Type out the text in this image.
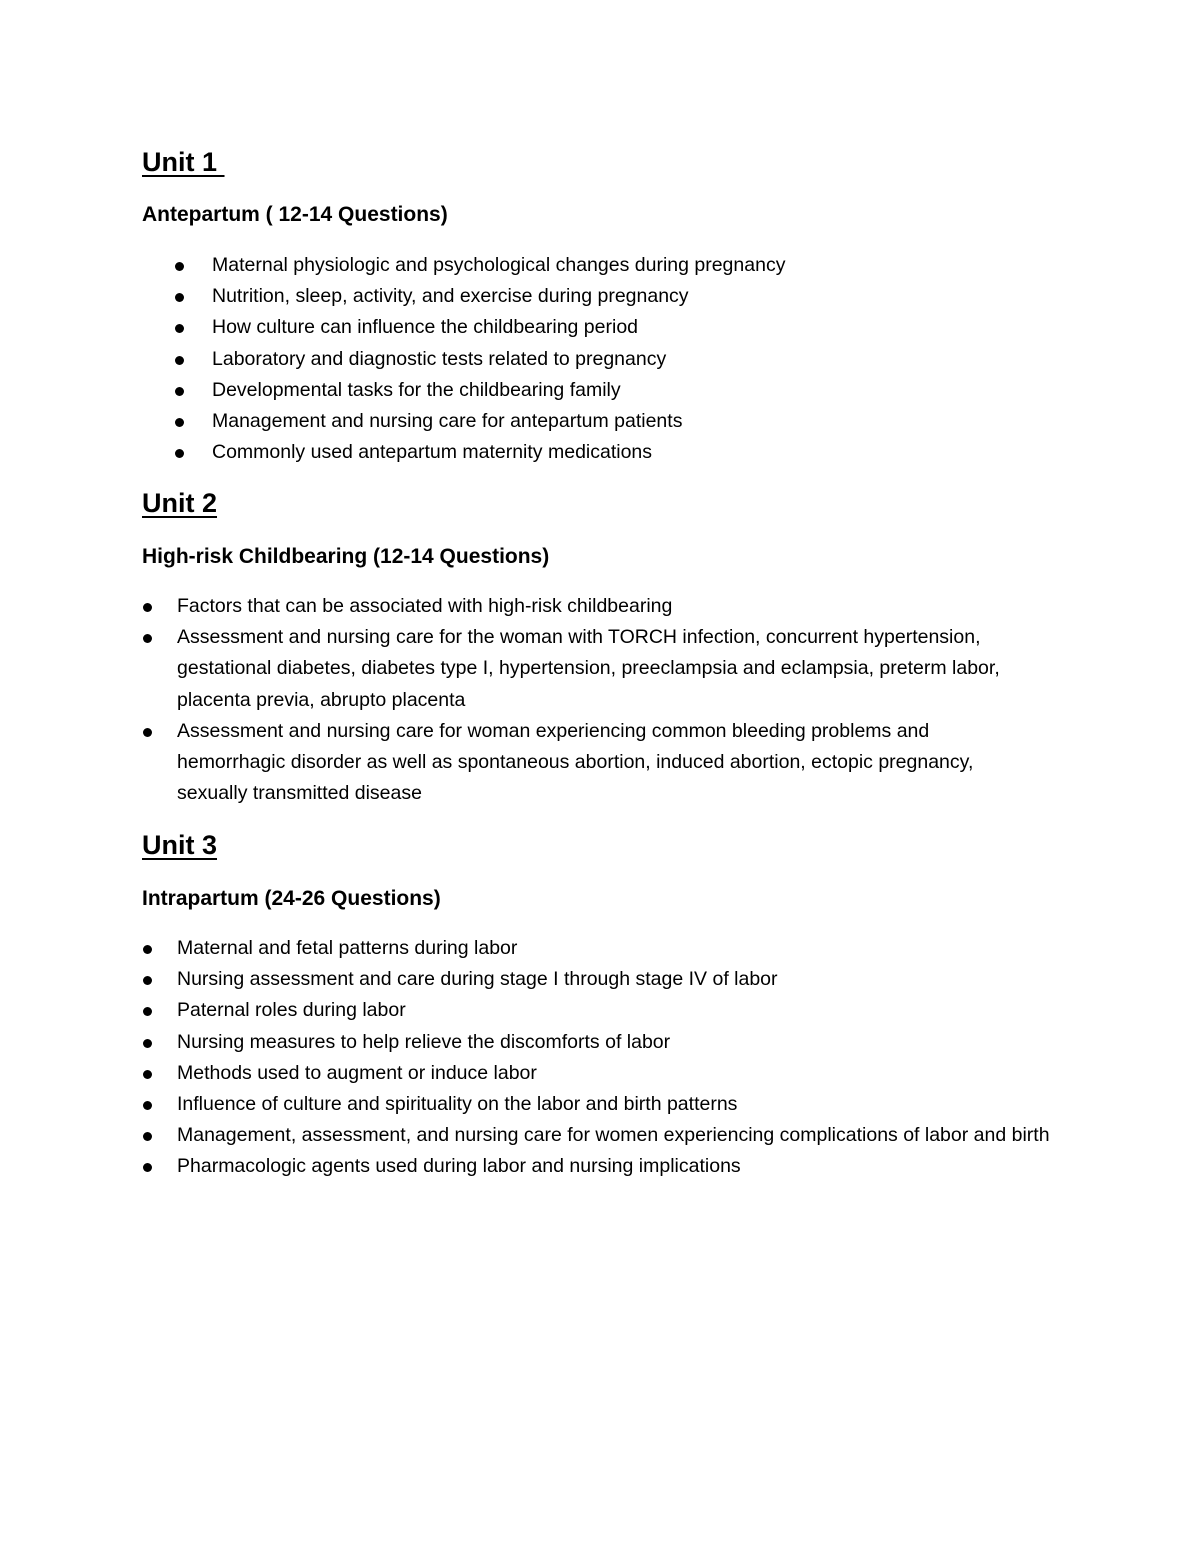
Unit 1
Antepartum ( 12-14 Questions)
Maternal physiologic and psychological changes during pregnancy
Nutrition, sleep, activity, and exercise during pregnancy
How culture can influence the childbearing period
Laboratory and diagnostic tests related to pregnancy
Developmental tasks for the childbearing family
Management and nursing care for antepartum patients
Commonly used antepartum maternity medications
Unit 2
High-risk Childbearing (12-14 Questions)
Factors that can be associated with high-risk childbearing
Assessment and nursing care for the woman with TORCH infection, concurrent hypertension, gestational diabetes, diabetes type I, hypertension, preeclampsia and eclampsia, preterm labor, placenta previa, abrupto placenta
Assessment and nursing care for woman experiencing common bleeding problems and hemorrhagic disorder as well as spontaneous abortion, induced abortion, ectopic pregnancy, sexually transmitted disease
Unit 3
Intrapartum (24-26 Questions)
Maternal and fetal patterns during labor
Nursing assessment and care during stage I through stage IV of labor
Paternal roles during labor
Nursing measures to help relieve the discomforts of labor
Methods used to augment or induce labor
Influence of culture and spirituality on the labor and birth patterns
Management, assessment, and nursing care for women experiencing complications of labor and birth
Pharmacologic agents used during labor and nursing implications
